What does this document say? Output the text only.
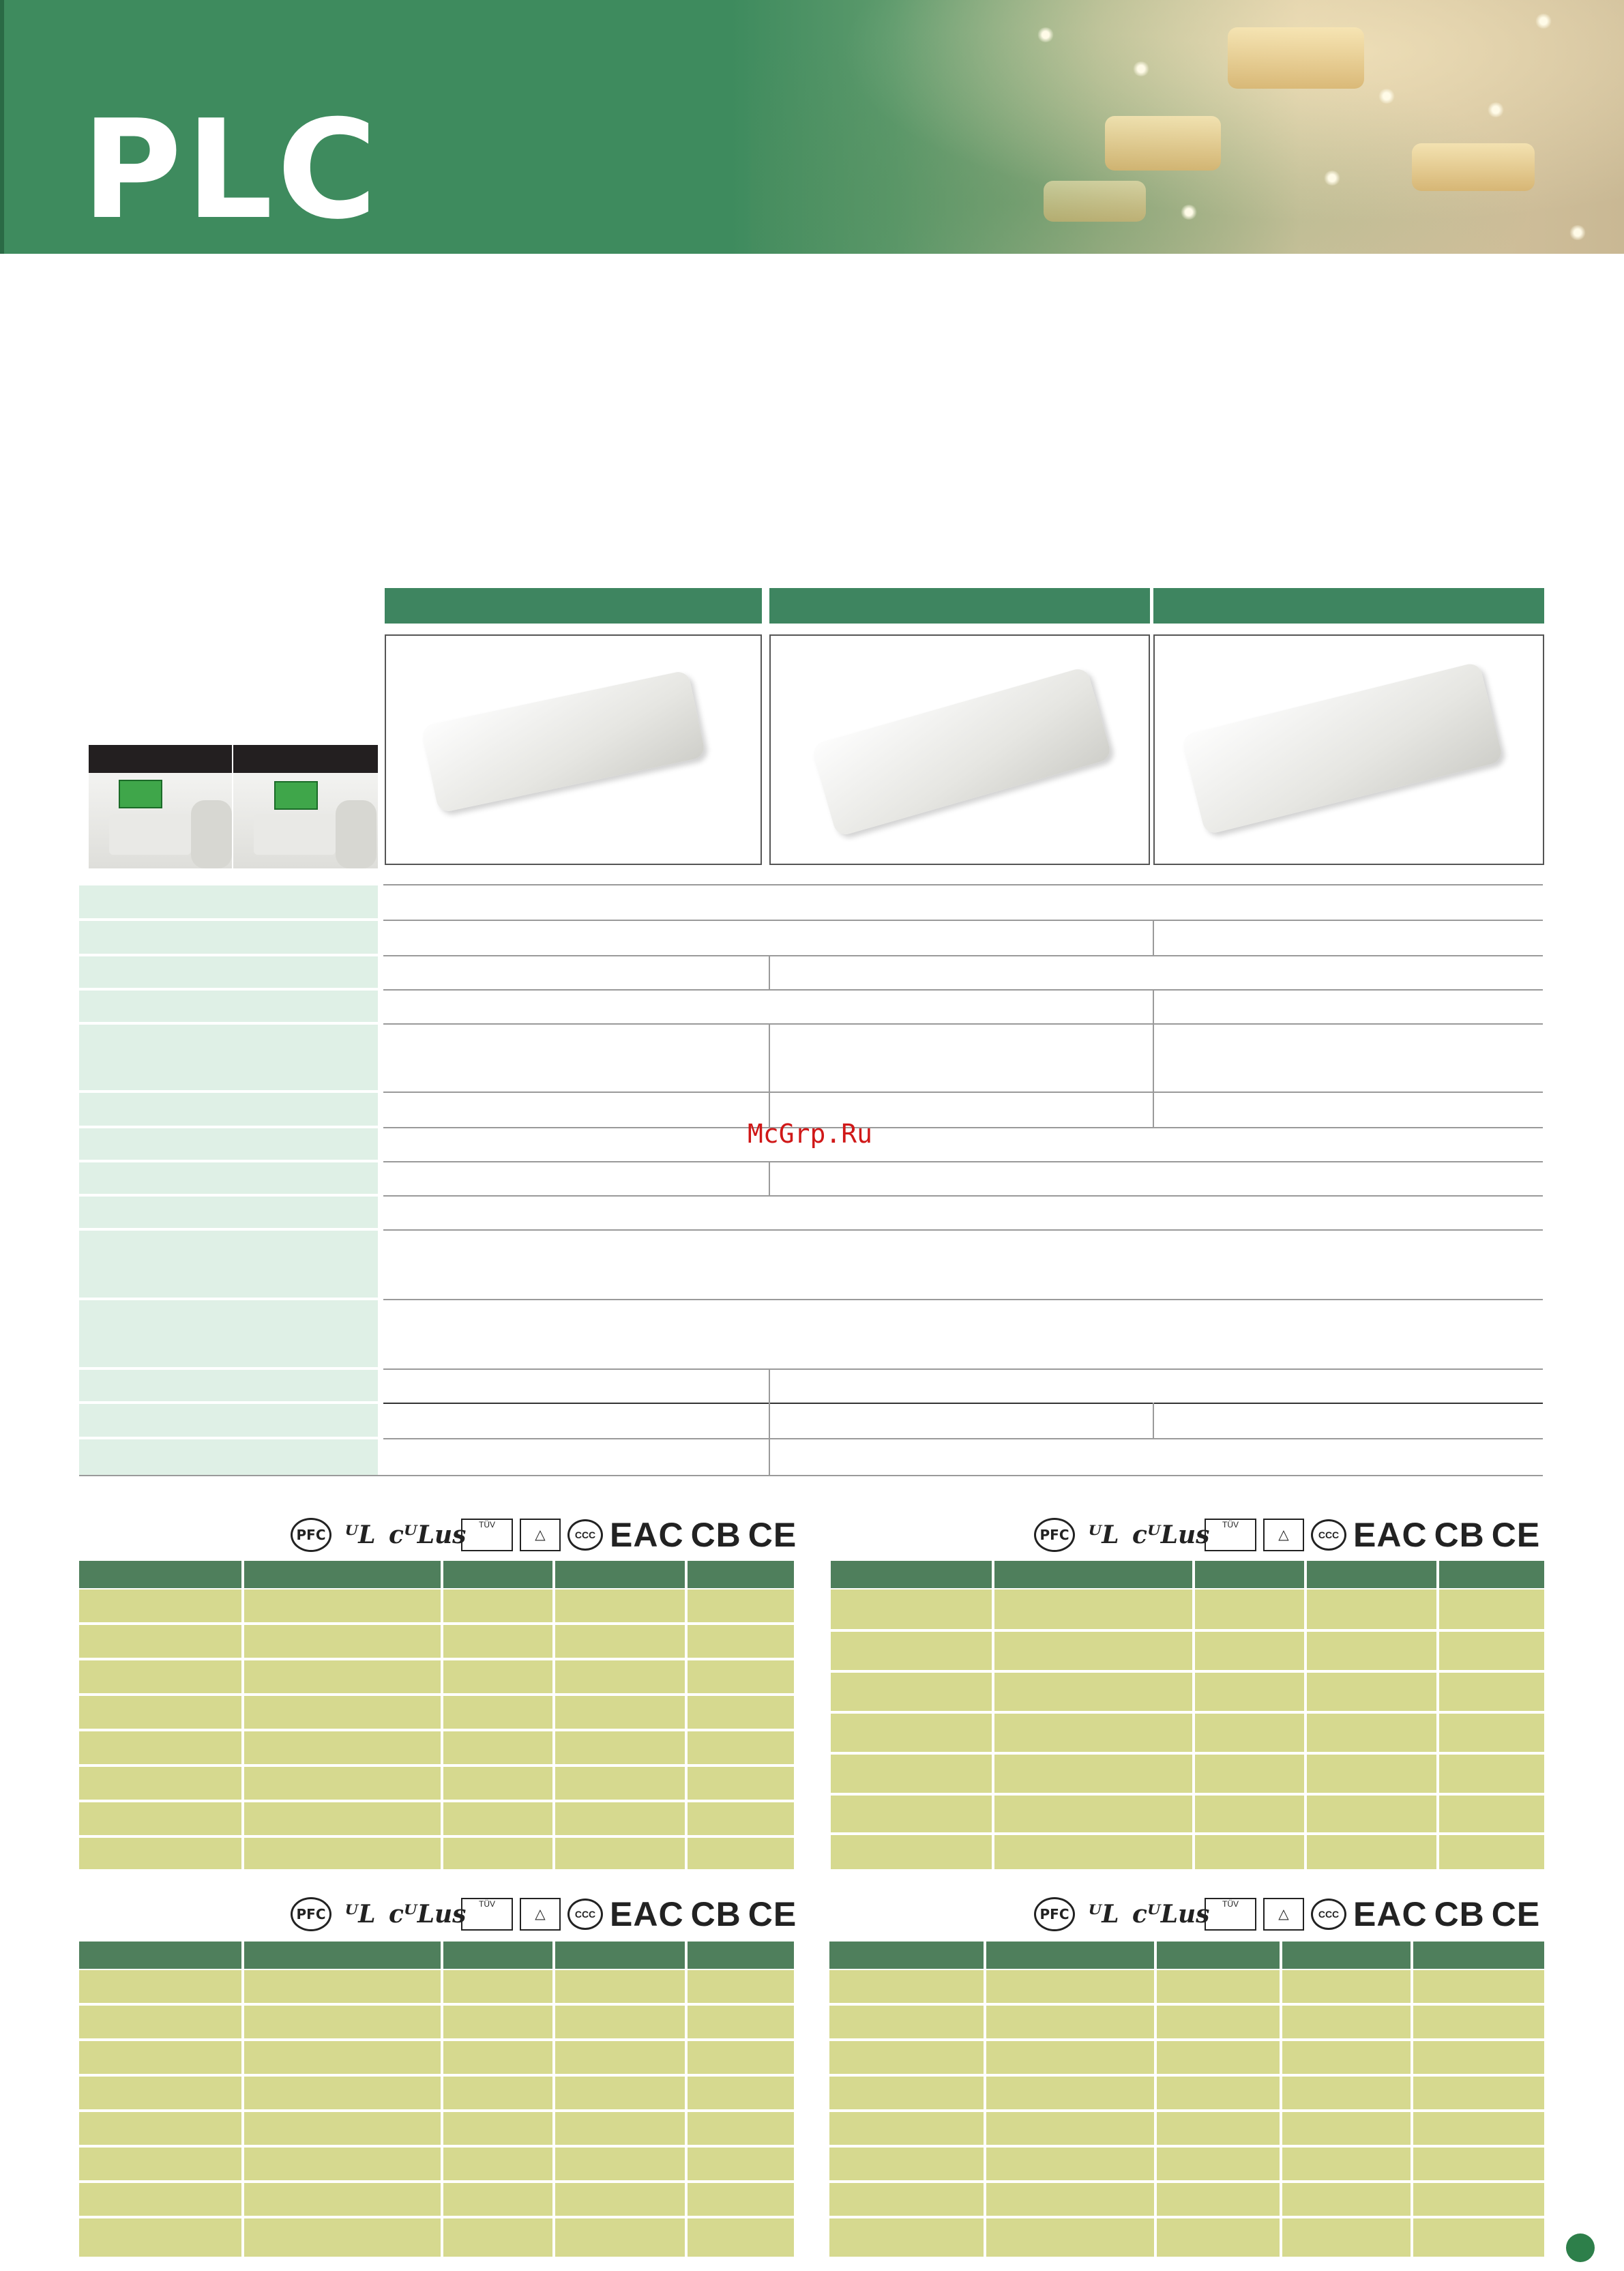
PLC
McGrp.Ru
PFC ᵁL cᵁLus	TÜV
△	CCC EAC CB CE	PFC ᵁL cᵁLus	TÜV
△	CCC EAC CB CE
PFC ᵁL cᵁLus	TÜV
△	CCC EAC CB CE	PFC ᵁL cᵁLus	TÜV
△	CCC EAC CB CE
